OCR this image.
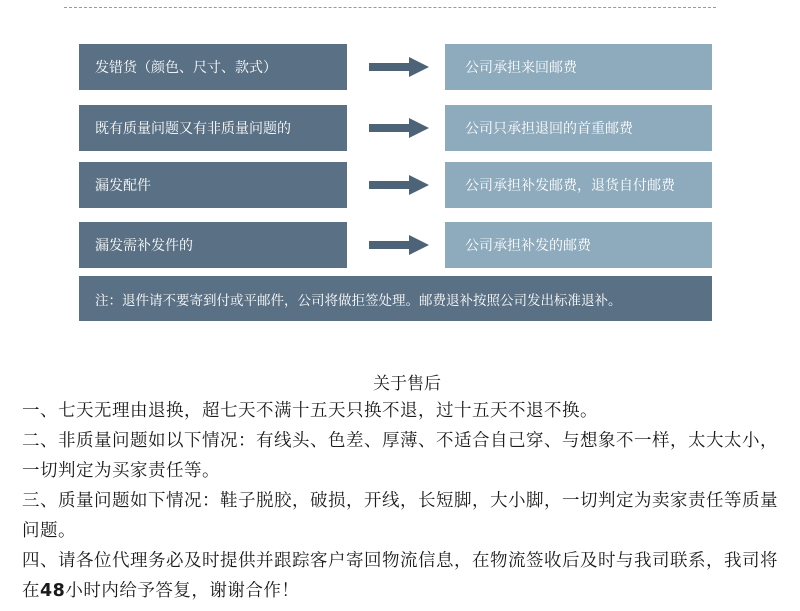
发错货（颜色、尺寸、款式）	公司承担来回邮费
既有质量问题又有非质量问题的	公司只承担退回的首重邮费
漏发配件	公司承担补发邮费，退货自付邮费
漏发需补发件的	公司承担补发的邮费
注：退件请不要寄到付或平邮件，公司将做拒签处理。邮费退补按照公司发出标准退补。
关于售后
一、七天无理由退换，超七天不满十五天只换不退，过十五天不退不换。
二、非质量问题如以下情况：有线头、色差、厚薄、不适合自己穿、与想象不一样，太大太小，一切判定为买家责任等。
三、质量问题如下情况：鞋子脱胶，破损，开线，长短脚，大小脚，一切判定为卖家责任等质量问题。
四、请各位代理务必及时提供并跟踪客户寄回物流信息，在物流签收后及时与我司联系，我司将在48小时内给予答复，谢谢合作！
